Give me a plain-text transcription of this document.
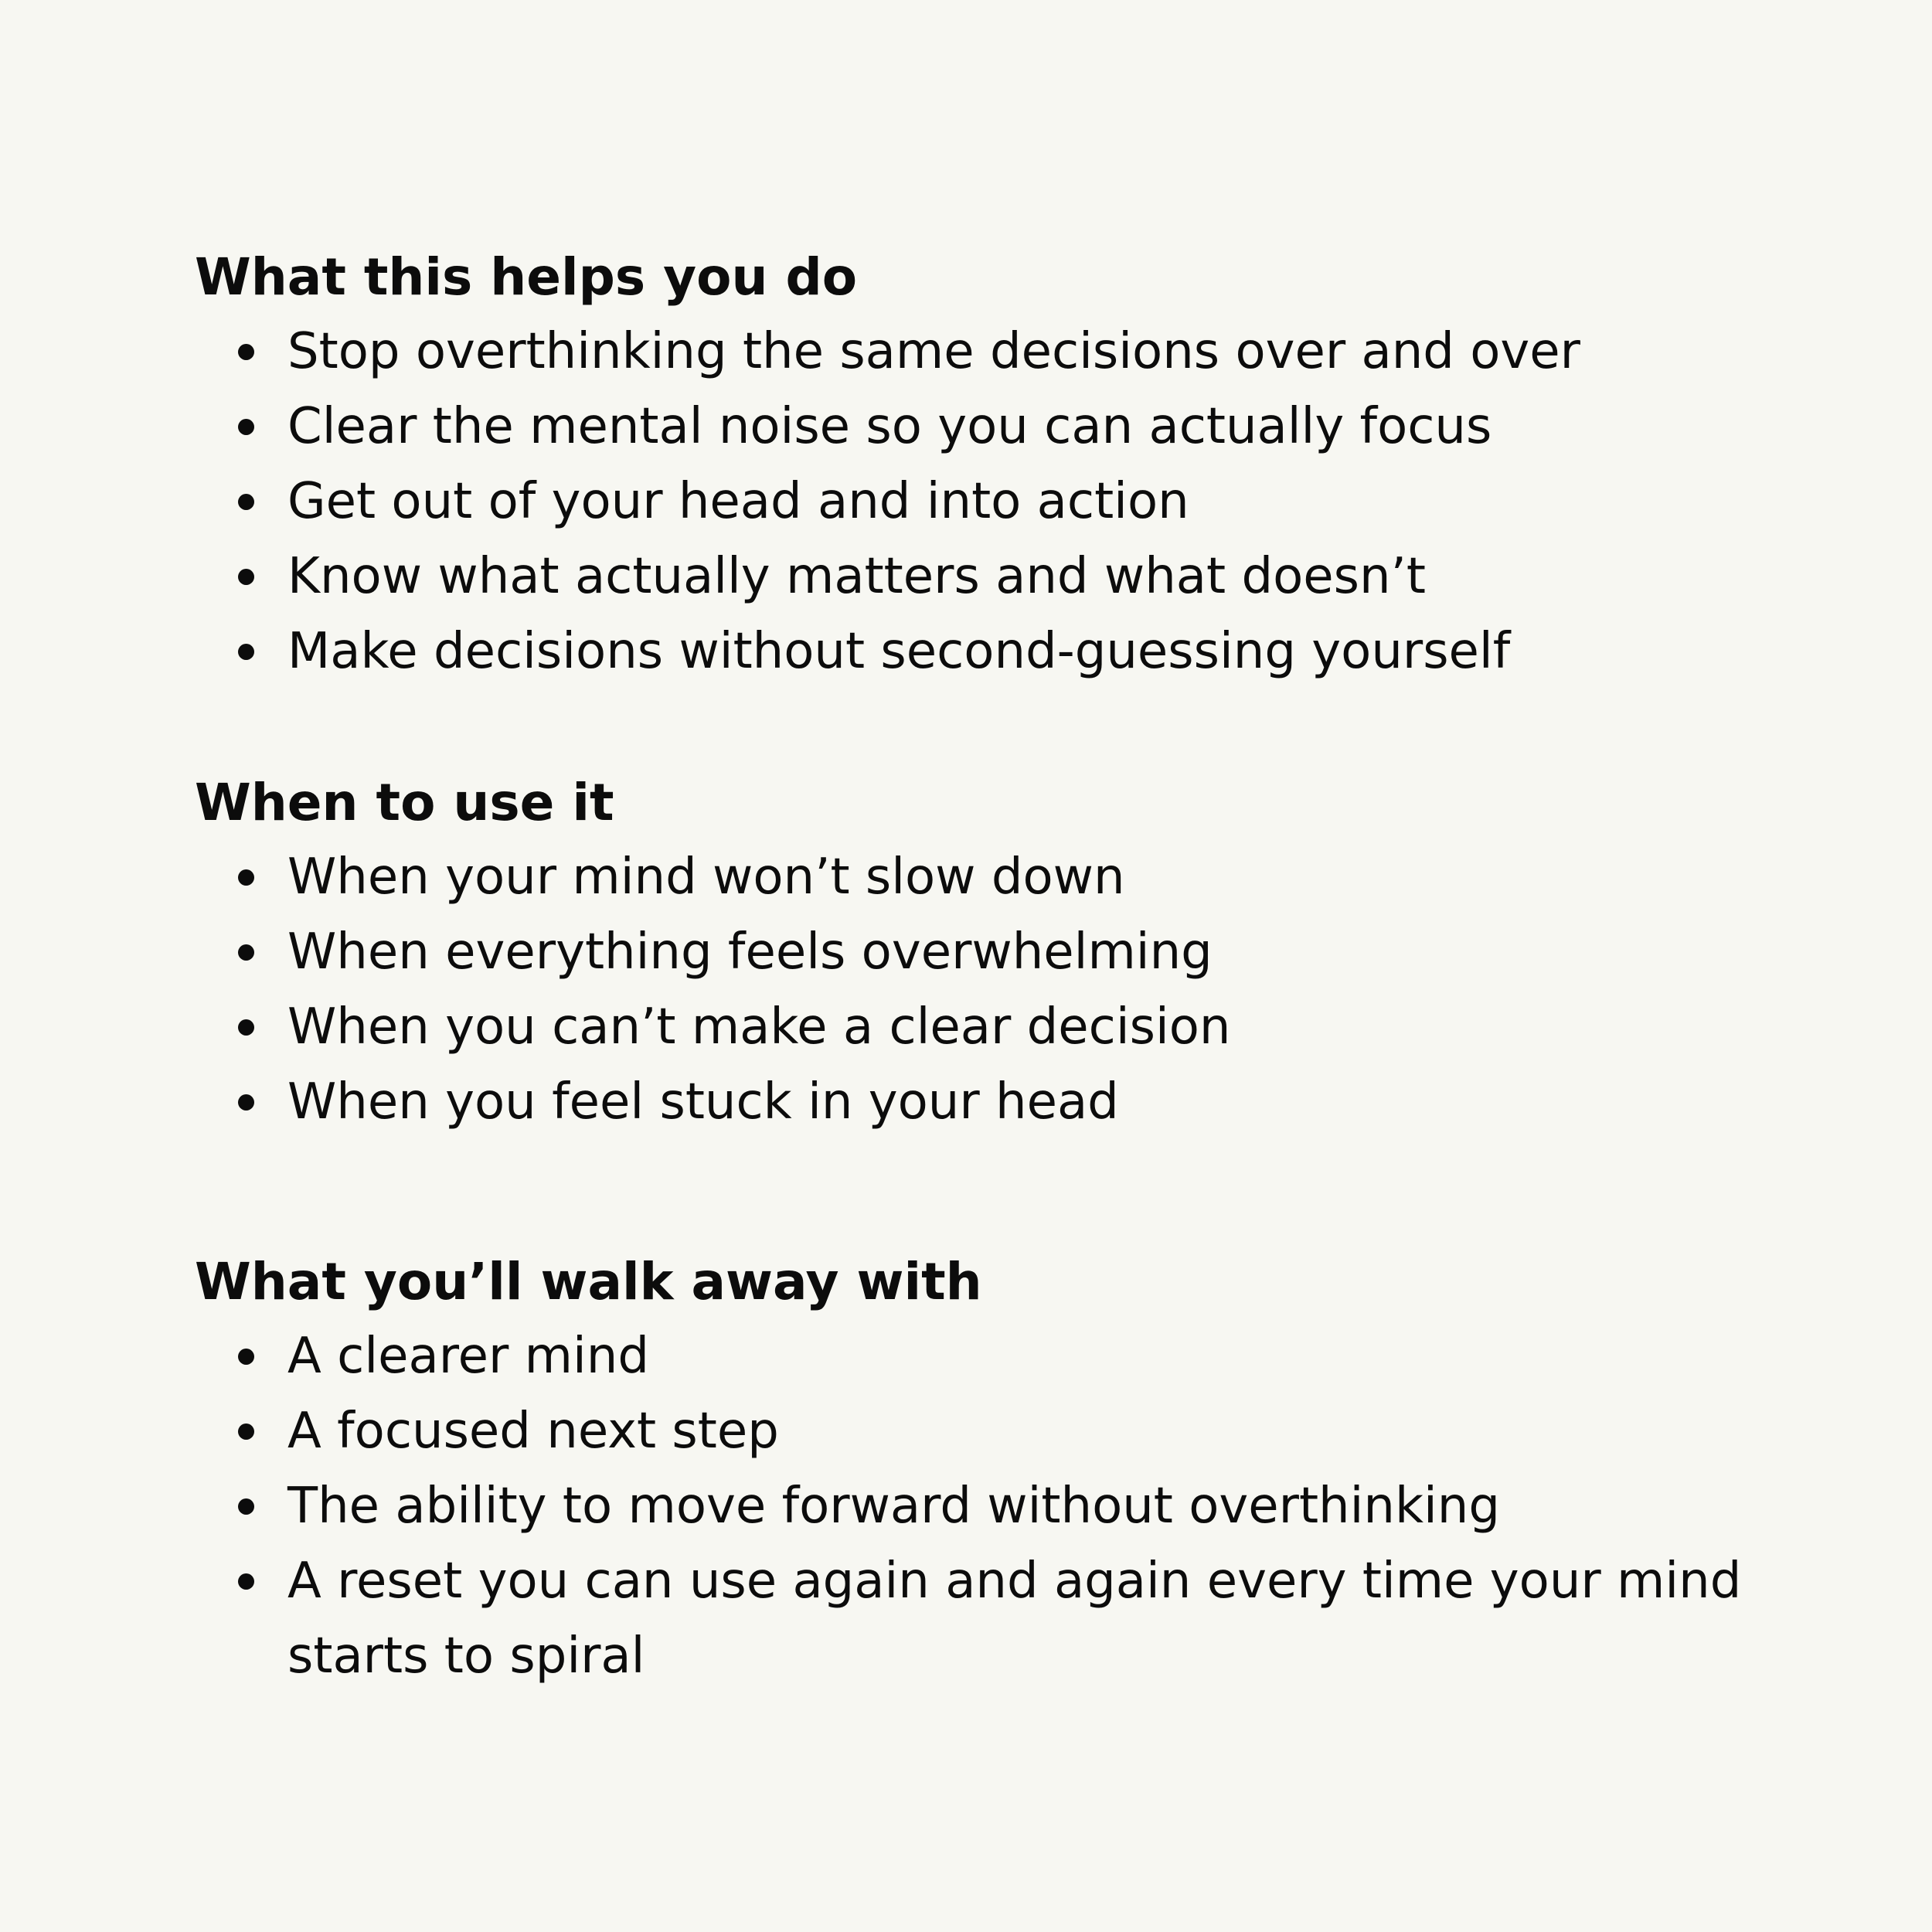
What this helps you do
Stop overthinking the same decisions over and over
Clear the mental noise so you can actually focus
Get out of your head and into action
Know what actually matters and what doesn’t
Make decisions without second-guessing yourself
When to use it
When your mind won’t slow down
When everything feels overwhelming
When you can’t make a clear decision
When you feel stuck in your head
What you’ll walk away with
A clearer mind
A focused next step
The ability to move forward without overthinking
A reset you can use again and again every time your mind starts to spiral
